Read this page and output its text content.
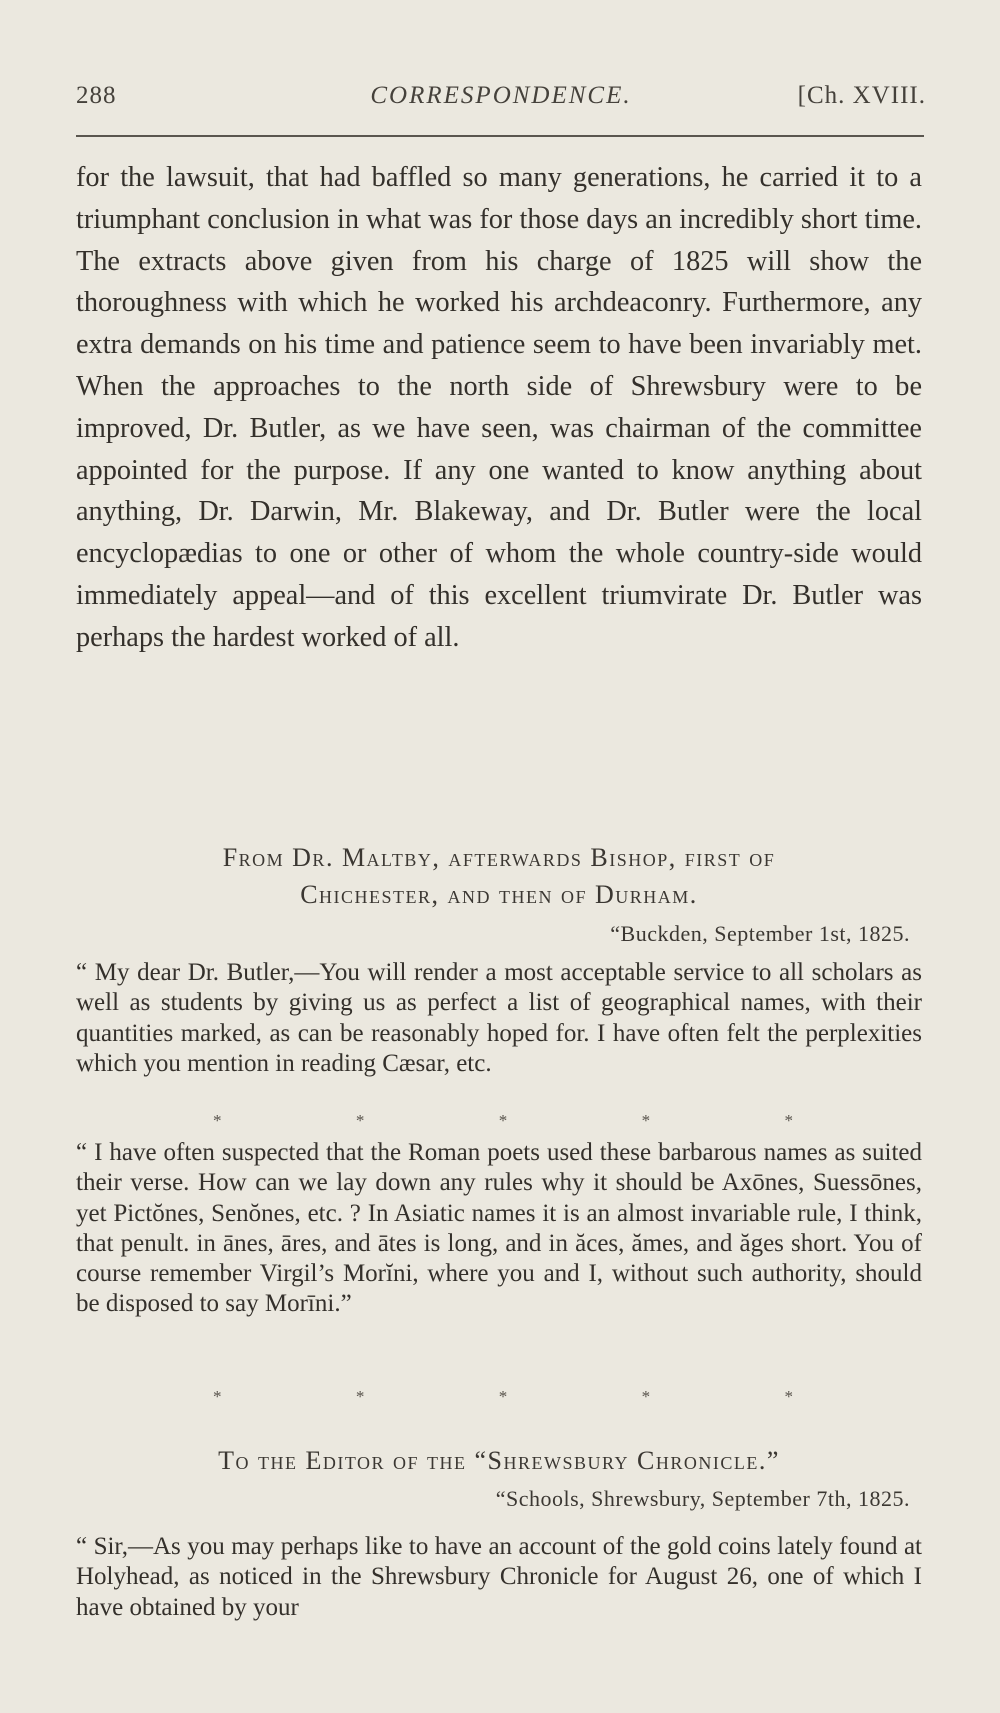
288	CORRESPONDENCE.	[Ch. XVIII.

for the lawsuit, that had baffled so many generations, he carried it to a triumphant conclusion in what was for those days an incredibly short time. The extracts above given from his charge of 1825 will show the thoroughness with which he worked his archdeaconry. Furthermore, any extra demands on his time and patience seem to have been invariably met. When the approaches to the north side of Shrewsbury were to be improved, Dr. Butler, as we have seen, was chairman of the committee appointed for the purpose. If any one wanted to know anything about anything, Dr. Darwin, Mr. Blakeway, and Dr. Butler were the local encyclopædias to one or other of whom the whole country-side would immediately appeal—and of this excellent triumvirate Dr. Butler was perhaps the hardest worked of all.

From Dr. Maltby, afterwards Bishop, first of
Chichester, and then of Durham.
“Buckden, September 1st, 1825.

“ My dear Dr. Butler,—You will render a most acceptable service to all scholars as well as students by giving us as perfect a list of geographical names, with their quantities marked, as can be reasonably hoped for. I have often felt the perplexities which you mention in reading Cæsar, etc.

*	*	*	*	*

“ I have often suspected that the Roman poets used these barbarous names as suited their verse. How can we lay down any rules why it should be Axōnes, Suessōnes, yet Pictŏnes, Senŏnes, etc. ? In Asiatic names it is an almost invariable rule, I think, that penult. in ānes, āres, and ātes is long, and in ăces, ămes, and ăges short. You of course remember Virgil’s Morĭni, where you and I, without such authority, should be disposed to say Morīni.”

*	*	*	*	*
To the Editor of the “Shrewsbury Chronicle.”
“Schools, Shrewsbury, September 7th, 1825.

“ Sir,—As you may perhaps like to have an account of the gold coins lately found at Holyhead, as noticed in the Shrewsbury Chronicle for August 26, one of which I have obtained by your
